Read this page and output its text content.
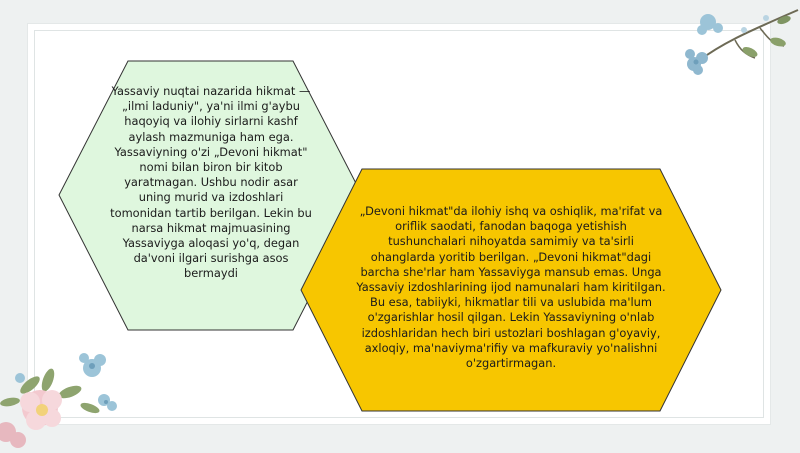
Yassaviy nuqtai nazarida hikmat — „ilmi laduniy", ya'ni ilmi g'aybu haqoyiq va ilohiy sirlarni kashf aylash mazmuniga ham ega. Yassaviyning o'zi „Devoni hikmat" nomi bilan biron bir kitob yaratmagan. Ushbu nodir asar uning murid va izdoshlari tomonidan tartib berilgan. Lekin bu narsa hikmat majmuasining Yassaviyga aloqasi yo'q, degan da'voni ilgari surishga asos bermaydi
„Devoni hikmat"da ilohiy ishq va oshiqlik, ma'rifat va oriflik saodati, fanodan baqoga yetishish tushunchalari nihoyatda samimiy va ta'sirli ohanglarda yoritib berilgan. „Devoni hikmat"dagi barcha she'rlar ham Yassaviyga mansub emas. Unga Yassaviy izdoshlarining ijod namunalari ham kiritilgan. Bu esa, tabiiyki, hikmatlar tili va uslubida ma'lum o'zgarishlar hosil qilgan. Lekin Yassaviyning o'nlab izdoshlaridan hech biri ustozlari boshlagan g'oyaviy, axloqiy, ma'naviyma'rifiy va mafkuraviy yo'nalishni o'zgartirmagan.
